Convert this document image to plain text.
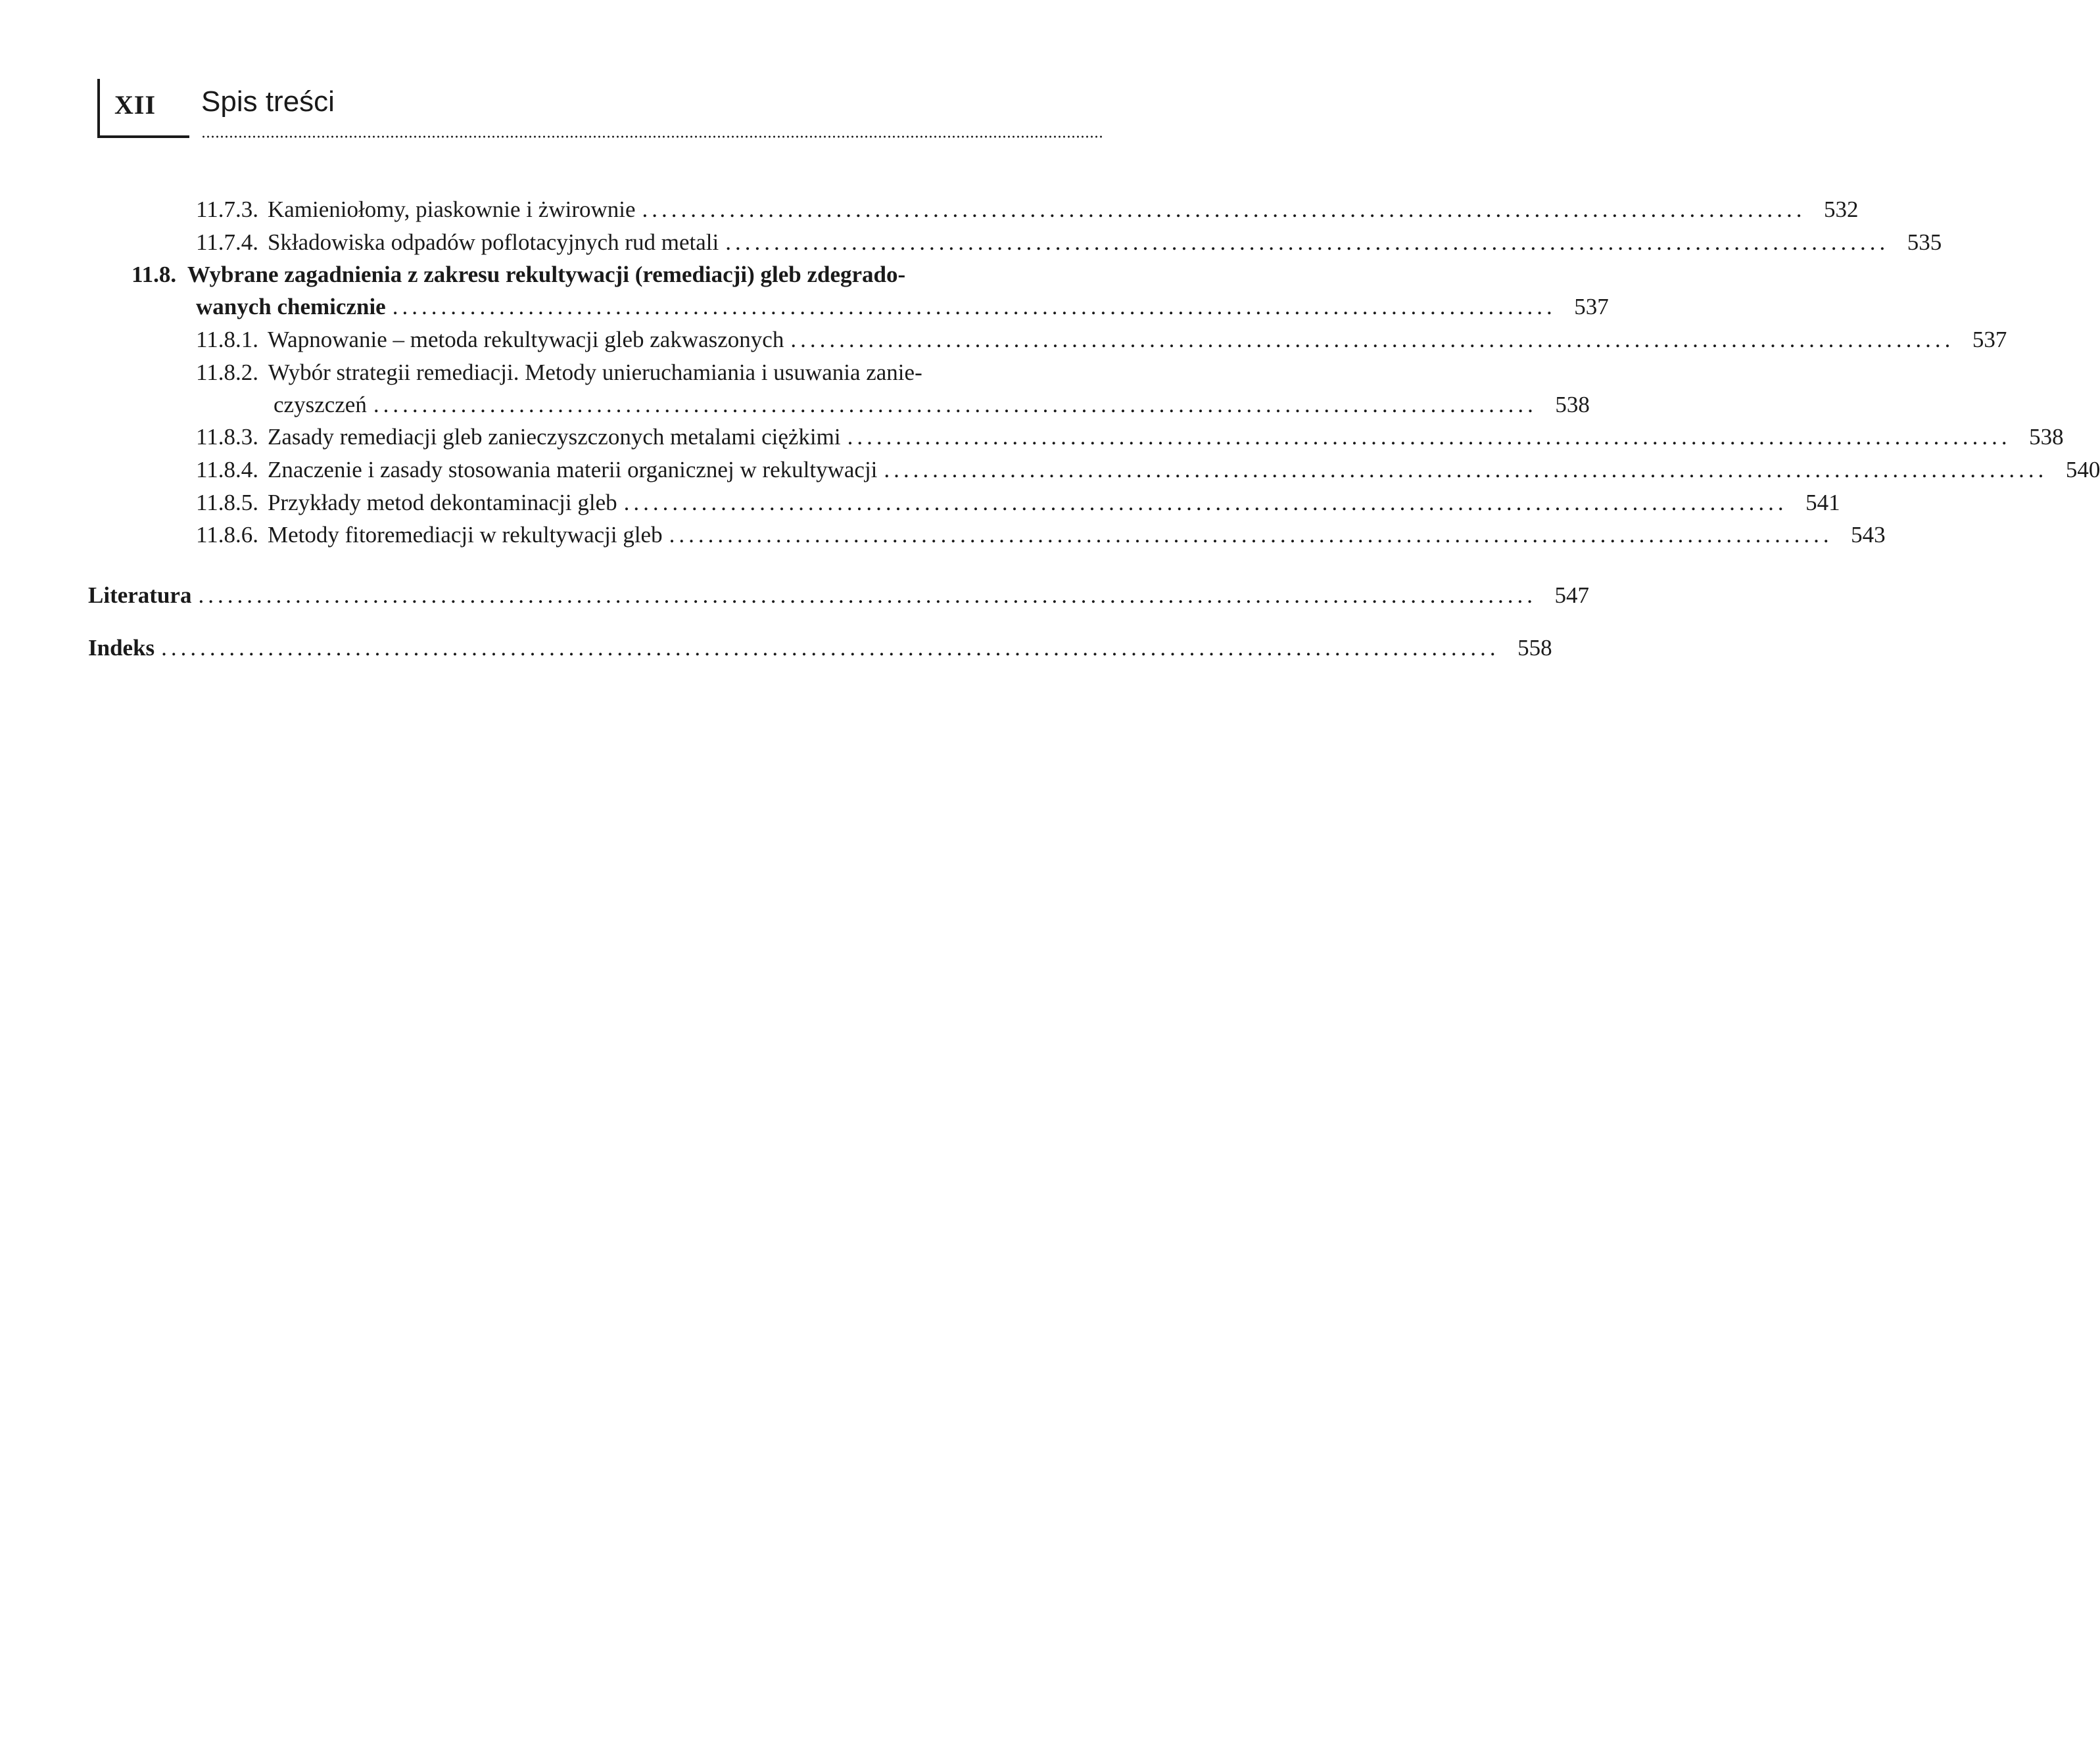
XII Spis treści
11.7.3. Kamieniołomy, piaskownie i żwirownie ........................................................................................................................ 532
11.7.4. Składowiska odpadów poflotacyjnych rud metali ........................................................................................................................ 535
11.8. Wybrane zagadnienia z zakresu rekultywacji (remediacji) gleb zdegrado-
wanych chemicznie ........................................................................................................................ 537
11.8.1. Wapnowanie – metoda rekultywacji gleb zakwaszonych ........................................................................................................................ 537
11.8.2. Wybór strategii remediacji. Metody unieruchamiania i usuwania zanie-
czyszczeń ........................................................................................................................ 538
11.8.3. Zasady remediacji gleb zanieczyszczonych metalami ciężkimi ........................................................................................................................ 538
11.8.4. Znaczenie i zasady stosowania materii organicznej w rekultywacji ........................................................................................................................ 540
11.8.5. Przykłady metod dekontaminacji gleb ........................................................................................................................ 541
11.8.6. Metody fitoremediacji w rekultywacji gleb ........................................................................................................................ 543
Literatura .......................................................................................................................................... 547
Indeks .......................................................................................................................................... 558
